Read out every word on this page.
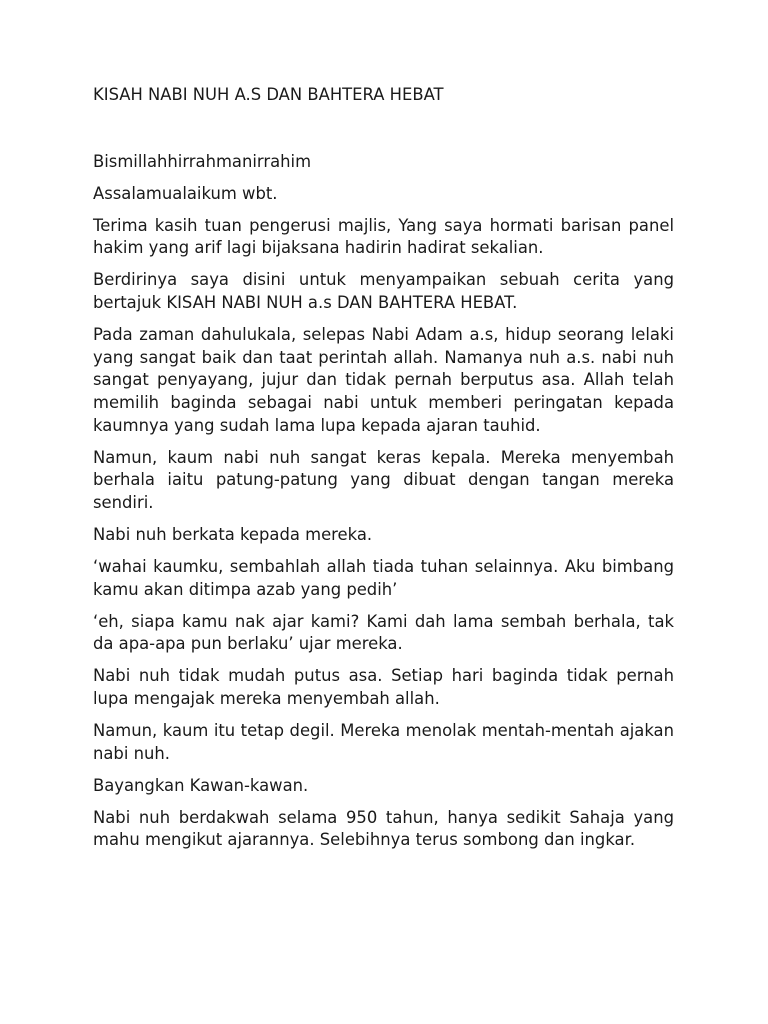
KISAH NABI NUH A.S DAN BAHTERA HEBAT

Bismillahhirrahmanirrahim

Assalamualaikum wbt.

Terima kasih tuan pengerusi majlis, Yang saya hormati barisan panel hakim yang arif lagi bijaksana hadirin hadirat sekalian.

Berdirinya saya disini untuk menyampaikan sebuah cerita yang bertajuk KISAH NABI NUH a.s DAN BAHTERA HEBAT.

Pada zaman dahulukala, selepas Nabi Adam a.s, hidup seorang lelaki yang sangat baik dan taat perintah allah. Namanya nuh a.s. nabi nuh sangat penyayang, jujur dan tidak pernah berputus asa. Allah telah memilih baginda sebagai nabi untuk memberi peringatan kepada kaumnya yang sudah lama lupa kepada ajaran tauhid.

Namun, kaum nabi nuh sangat keras kepala. Mereka menyembah berhala iaitu patung-patung yang dibuat dengan tangan mereka sendiri.

Nabi nuh berkata kepada mereka.

‘wahai kaumku, sembahlah allah tiada tuhan selainnya. Aku bimbang kamu akan ditimpa azab yang pedih’

‘eh, siapa kamu nak ajar kami? Kami dah lama sembah berhala, tak da apa-apa pun berlaku’ ujar mereka.

Nabi nuh tidak mudah putus asa. Setiap hari baginda tidak pernah lupa mengajak mereka menyembah allah.

Namun, kaum itu tetap degil. Mereka menolak mentah-mentah ajakan nabi nuh.

Bayangkan Kawan-kawan.

Nabi nuh berdakwah selama 950 tahun, hanya sedikit Sahaja yang mahu mengikut ajarannya. Selebihnya terus sombong dan ingkar.
